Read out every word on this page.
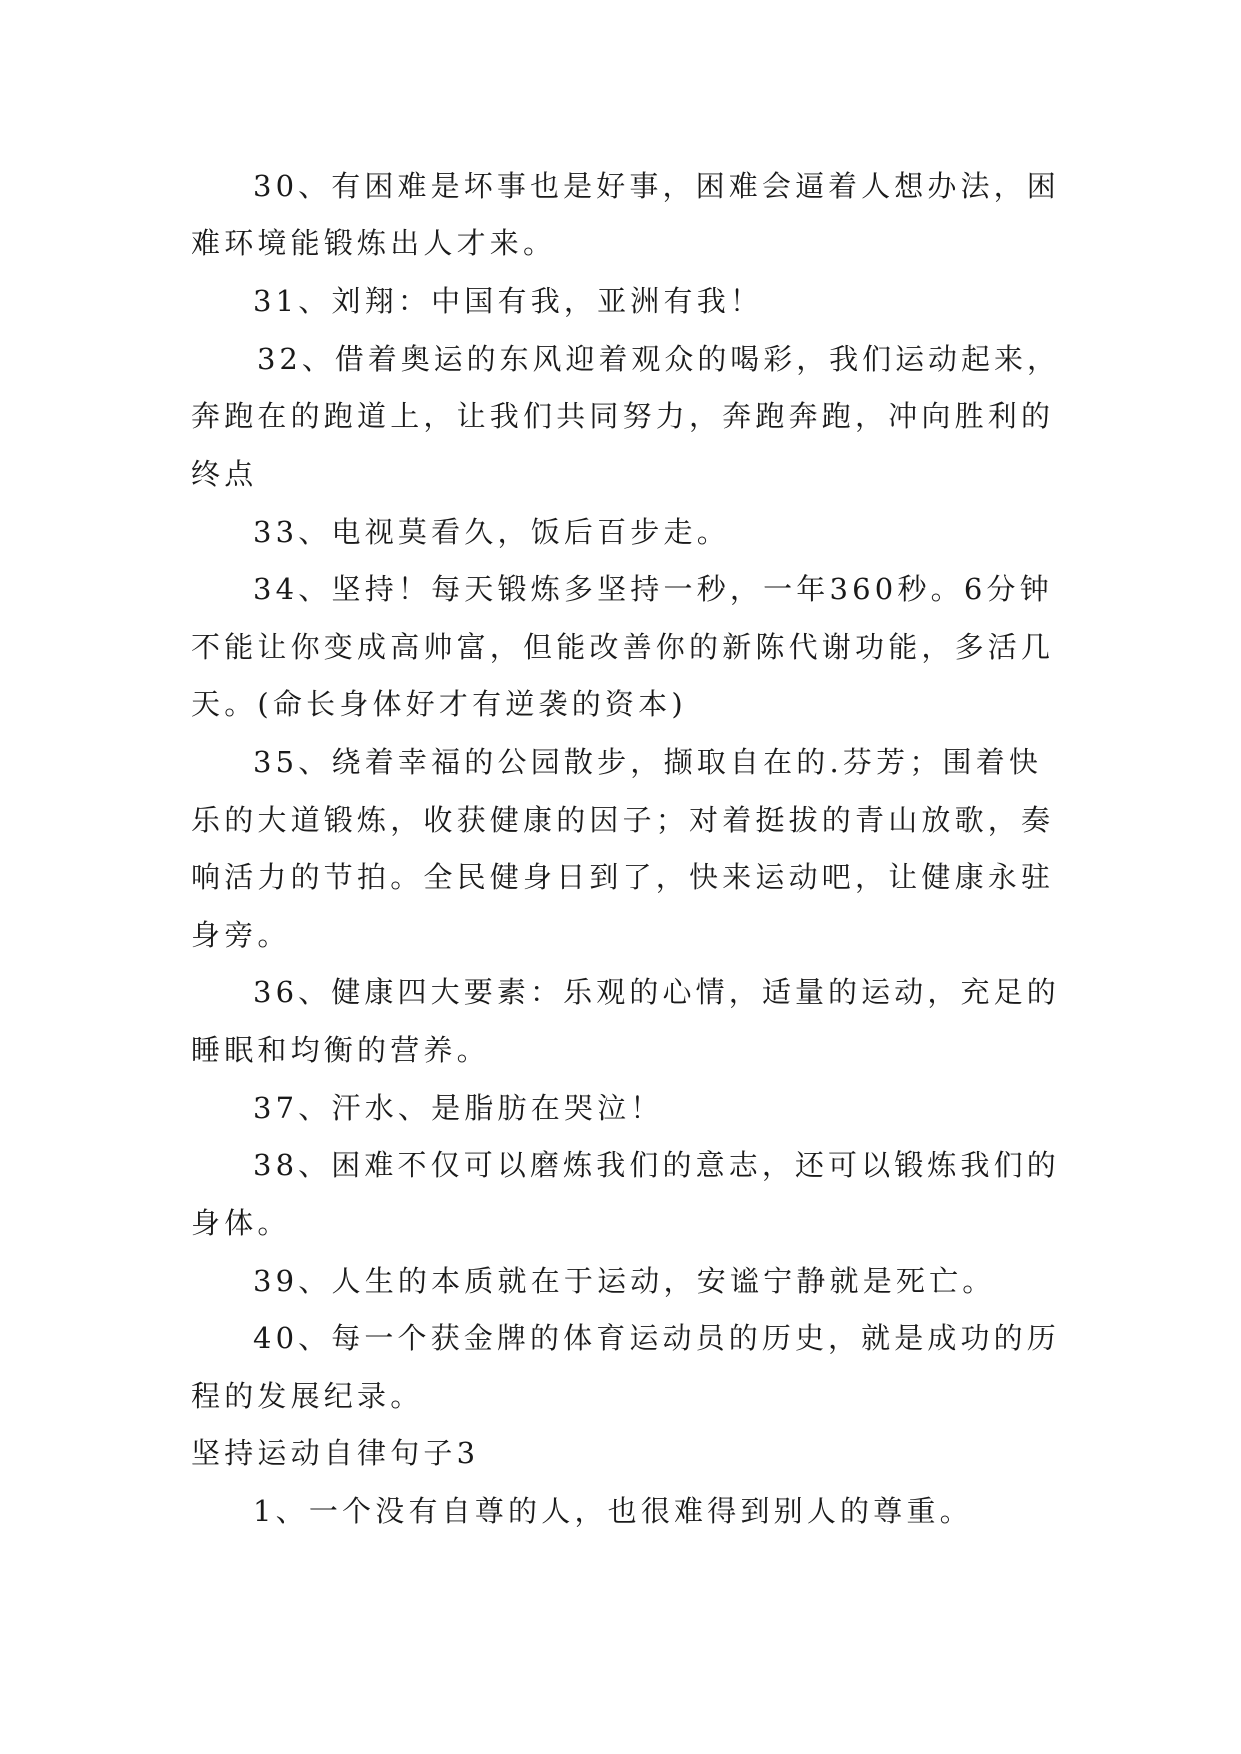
30、有困难是坏事也是好事，困难会逼着人想办法，困
难环境能锻炼出人才来。
31、刘翔：中国有我，亚洲有我！
32、借着奥运的东风迎着观众的喝彩，我们运动起来，
奔跑在的跑道上，让我们共同努力，奔跑奔跑，冲向胜利的
终点
33、电视莫看久，饭后百步走。
34、坚持！每天锻炼多坚持一秒，一年360秒。6分钟
不能让你变成高帅富，但能改善你的新陈代谢功能，多活几
天。(命长身体好才有逆袭的资本)
35、绕着幸福的公园散步，撷取自在的.芬芳；围着快
乐的大道锻炼，收获健康的因子；对着挺拔的青山放歌，奏
响活力的节拍。全民健身日到了，快来运动吧，让健康永驻
身旁。
36、健康四大要素：乐观的心情，适量的运动，充足的
睡眠和均衡的营养。
37、汗水、是脂肪在哭泣！
38、困难不仅可以磨炼我们的意志，还可以锻炼我们的
身体。
39、人生的本质就在于运动，安谧宁静就是死亡。
40、每一个获金牌的体育运动员的历史，就是成功的历
程的发展纪录。
坚持运动自律句子3
1、一个没有自尊的人，也很难得到别人的尊重。
